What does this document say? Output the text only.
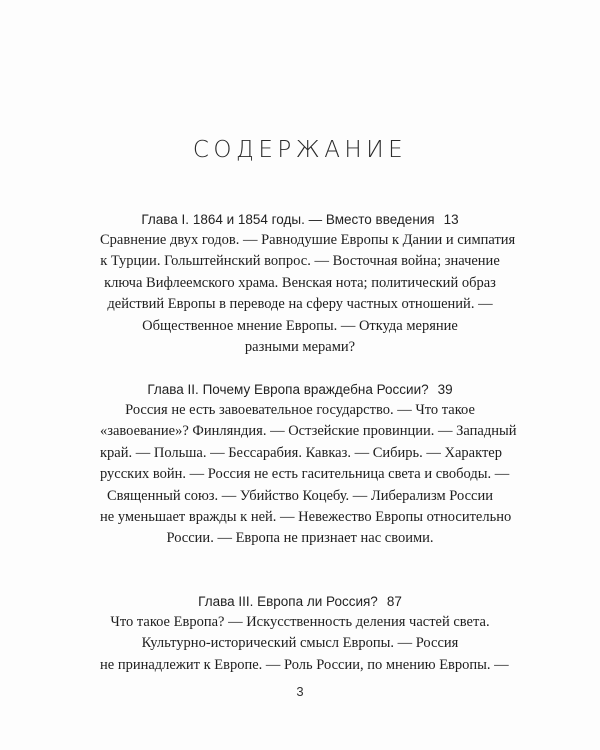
СОДЕРЖАНИЕ
Глава I. 1864 и 1854 годы. — Вместо введения 13
Сравнение двух годов. — Равнодушие Европы к Дании и симпатия
к Турции. Гольштейнский вопрос. — Восточная война; значение
ключа Вифлеемского храма. Венская нота; политический образ
действий Европы в переводе на сферу частных отношений. —
Общественное мнение Европы. — Откуда меряние
разными мерами?
Глава II. Почему Европа враждебна России? 39
Россия не есть завоевательное государство. — Что такое
«завоевание»? Финляндия. — Остзейские провинции. — Западный
край. — Польша. — Бессарабия. Кавказ. — Сибирь. — Характер
русских войн. — Россия не есть гасительница света и свободы. —
Священный союз. — Убийство Коцебу. — Либерализм России
не уменьшает вражды к ней. — Невежество Европы относительно
России. — Европа не признает нас своими.
Глава III. Европа ли Россия? 87
Что такое Европа? — Искусственность деления частей света.
Культурно-исторический смысл Европы. — Россия
не принадлежит к Европе. — Роль России, по мнению Европы. —
3
